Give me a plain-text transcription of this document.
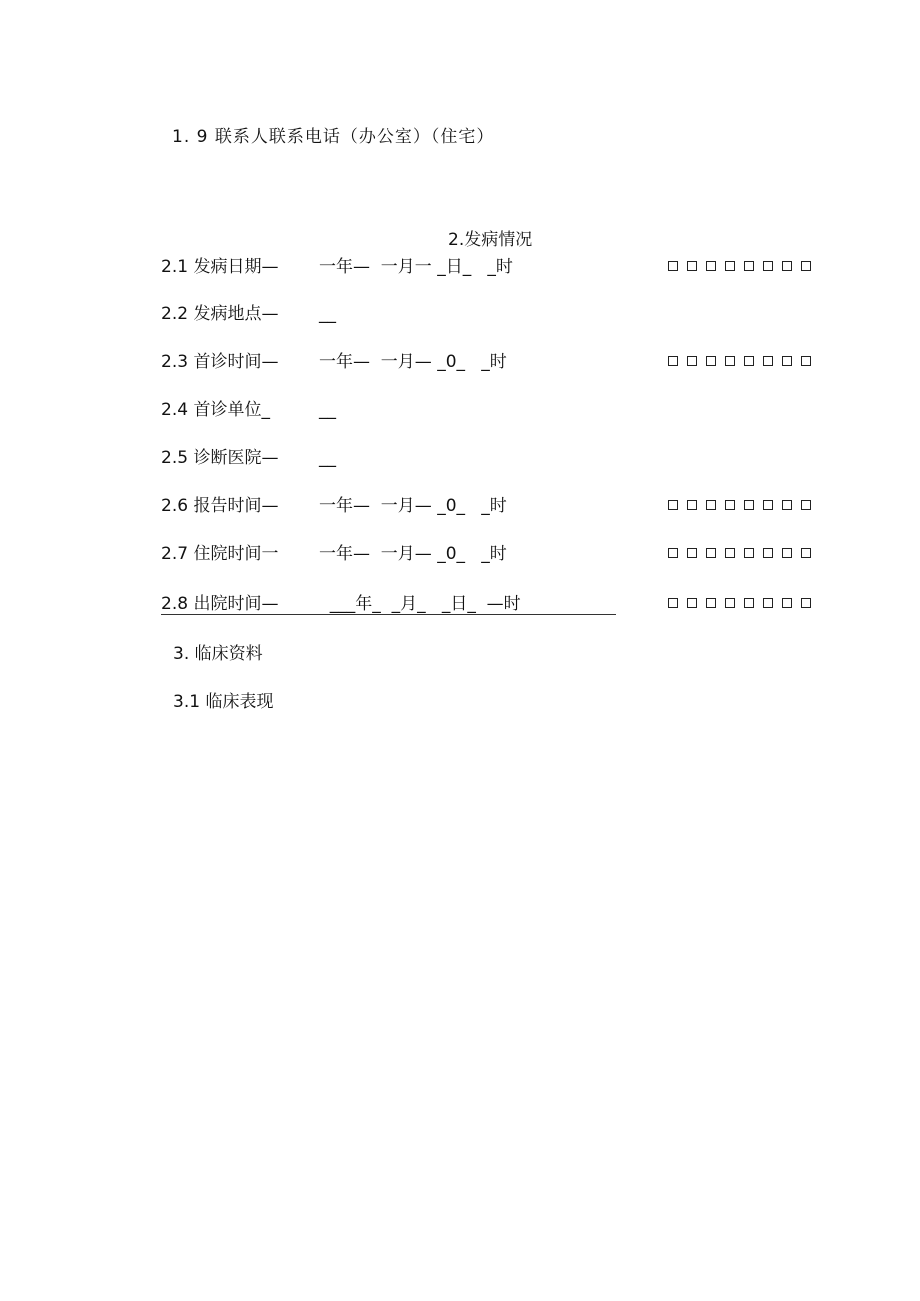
1. 9 联系人联系电话（办公室）（住宅）
2.发病情况
2.1 发病日期— 一年—  一月一 _日_   _时
2.2 发病地点— __
2.3 首诊时间— 一年—  一月— _0_   _时
2.4 首诊单位_	__
2.5 诊断医院— __
2.6 报告时间— 一年—  一月— _0_   _时
2.7 住院时间一 一年—  一月— _0_   _时
2.8 出院时间— ___年_  _月_   _日_  —时
3. 临床资料
3.1 临床表现
